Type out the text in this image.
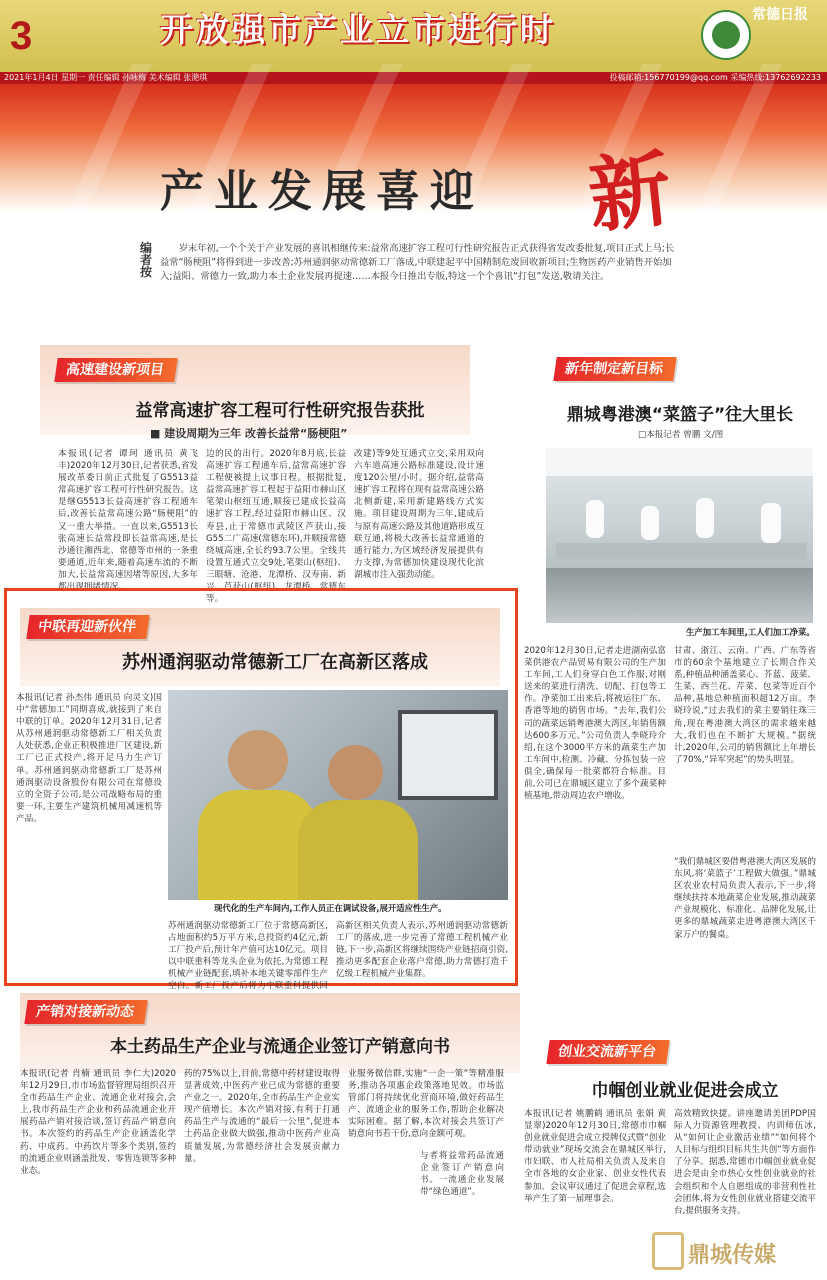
3	开放强市产业立市进行时	常德日报
2021年1月4日 星期一 责任编辑 孙咏梅 美术编辑 张滟琪	投稿邮箱:156770199@qq.com 采编热线:13762692233
产业发展喜迎 新
编者按
岁末年初,一个个关于产业发展的喜讯相继传来:益常高速扩容工程可行性研究报告正式获得省发改委批复,项目正式上马;长益常“肠梗阻”将得到进一步改善;苏州通润驱动常德新工厂落成,中联建起平中国精制危废回收新项目;生物医药产业销售开始加入;益阳、常德力一致,助力本土企业发展再提速……本报今日推出专版,特这一个个喜讯“打包”发送,敬请关注。
高速建设新项目
益常高速扩容工程可行性研究报告获批
■ 建设周期为三年 改善长益常“肠梗阻”
本报讯(记者 谭珂 通讯员 黄飞丰)2020年12月30日,记者获悉,省发展改革委日前正式批复了G5513益常高速扩容工程可行性研究报告。这是继G5513长益高速扩容工程通车后,改善长益常高速公路“肠梗阻”的又一重大举措。一直以来,G5513长张高速长益常段即长益常高速,是长沙通往湘西北、常德等市州的一条重要通道,近年来,随着高速车流的不断加大,长益常高速因堵等原因,大多年都出现拥堵情况。
边的民的出行。2020年8月底,长益高速扩容工程通车后,益常高速扩容工程便被提上议事日程。根据批复,益常高速扩容工程起于益阳市赫山区笔架山枢纽互通,顺接已建成长益高速扩容工程,经过益阳市赫山区、汉寿县,止于常德市武陵区芦获山,接G55二广高速(常德东环),并顺接常德绕城高速,全长约93.7公里。全线共设置互通式立交9处,笔架山(枢纽)、三眼塘、沧港、龙潭桥、汉寿南、新兴、芦获山(枢纽)、龙潭桥、常德东等。
改建)等9处互通式立交,采用双向六车道高速公路标准建设,设计速度120公里/小时。据介绍,益常高速扩容工程将在现有益常高速公路北侧新建,采用新建路线方式实施。项目建设周期为三年,建成后与原有高速公路及其他道路形成互联互通,将极大改善长益常通道的通行能力,为区域经济发展提供有力支撑,为常德加快建设现代化滨湖城市注入强劲动能。
新年制定新目标
鼎城粤港澳“菜篮子”往大里长
□本报记者 曾鹏 文/图
生产加工车间里,工人们加工净菜。
2020年12月30日,记者走进湖南弘富菜供港农产品贸易有限公司的生产加工车间,工人们身穿白色工作服,对刚送来的菜进行清洗、切配、打包等工作。净菜加工出来后,将被运往广东、香港等地的销售市场。“去年,我们公司的蔬菜远销粤港澳大湾区,年销售额达600多万元。”公司负责人李晓玲介绍,在这个3000平方米的蔬菜生产加工车间中,检测、冷藏、分拣包装一应俱全,确保每一批菜都符合标准。目前,公司已在鼎城区建立了多个蔬菜种植基地,带动周边农户增收。
甘肃、浙江、云南、广西、广东等省市的60余个基地建立了长期合作关系,种植品种涵盖菜心、芥蓝、菠菜、生菜、西兰花、芹菜、包菜等近百个品种,基地总种植面积超12万亩。李晓玲说,“过去我们的菜主要销往珠三角,现在粤港澳大湾区的需求越来越大,我们也在不断扩大规模。”据统计,2020年,公司的销售额比上年增长了70%,“异军突起”的势头明显。
“我们鼎城区要借粤港澳大湾区发展的东风,将‘菜篮子’工程做大做强。”鼎城区农业农村局负责人表示,下一步,将继续扶持本地蔬菜企业发展,推动蔬菜产业规模化、标准化、品牌化发展,让更多的鼎城蔬菜走进粤港澳大湾区千家万户的餐桌。
中联再迎新伙伴
苏州通润驱动常德新工厂在高新区落成
现代化的生产车间内,工作人员正在调试设备,展开适应性生产。
本报讯(记者 孙杰伟 通讯员 向灵文)国中“常德加工”同期喜成,就接到了来自中联的订单。2020年12月31日,记者从苏州通润驱动常德新工厂相关负责人处获悉,企业正积极推进厂区建设,新工厂已正式投产,将开足马力生产订单。苏州通润驱动常德新工厂是苏州通润驱动设备股份有限公司在常德设立的全资子公司,是公司战略布局的重要一环,主要生产建筑机械用减速机等产品。
苏州通润驱动常德新工厂位于常德高新区,占地面积约5万平方米,总投资约4亿元,新工厂投产后,预计年产值可达10亿元。项目以中联重科等龙头企业为依托,为常德工程机械产业链配套,填补本地关键零部件生产空白。新工厂投产后将为中联重科提供回
高新区相关负责人表示,苏州通润驱动常德新工厂的落成,进一步完善了常德工程机械产业链,下一步,高新区将继续围绕产业链招商引资,推动更多配套企业落户常德,助力常德打造千亿级工程机械产业集群。
产销对接新动态
本土药品生产企业与流通企业签订产销意向书
本报讯(记者 肖楠 通讯员 李仁大)2020年12月29日,市市场监督管理局组织召开全市药品生产企业、流通企业对接会,会上,我市药品生产企业和药品流通企业开展药品产销对接洽谈,签订药品产销意向书。本次签约的药品生产企业涵盖化学药、中成药、中药饮片等多个类别,签约的流通企业则涵盖批发、零售连锁等多种业态。
药的75%以上,目前,常德中药材建设取得显著成效,中医药产业已成为常德的重要产业之一。2020年,全市药品生产企业实现产值增长。本次产销对接,有利于打通药品生产与流通的“最后一公里”,促进本土药品企业做大做强,推动中医药产业高质量发展,为常德经济社会发展贡献力量。
业服务微信群,实施“一企一策”等精准服务,推动各项惠企政策落地见效。市场监管部门将持续优化营商环境,做好药品生产、流通企业的服务工作,帮助企业解决实际困难。据了解,本次对接会共签订产销意向书若干份,意向金额可观。
与者将益常药品流通企业签订产销意向书。一流通企业发展带“绿色通道”。
创业交流新平台
巾帼创业就业促进会成立
本报讯(记者 姚鹏鹤 通讯员 张娟 黄显翠)2020年12月30日,常德市巾帼创业就业促进会成立授牌仪式暨“创业带动就业”现场交流会在鼎城区举行,市妇联、市人社局相关负责人及来自全市各地的女企业家、创业女性代表参加。会议审议通过了促进会章程,选举产生了第一届理事会。
高效精致快捷。讲座邀请美团PDP国际人力资源管理教授、内训师伍冰,从“如何让企业激活业绩”“如何将个人目标与组织目标共生共创”等方面作了分享。据悉,常德市巾帼创业就业促进会是由全市热心女性创业就业的社会组织和个人自愿组成的非营利性社会团体,将为女性创业就业搭建交流平台,提供服务支持。
鼎城传媒
